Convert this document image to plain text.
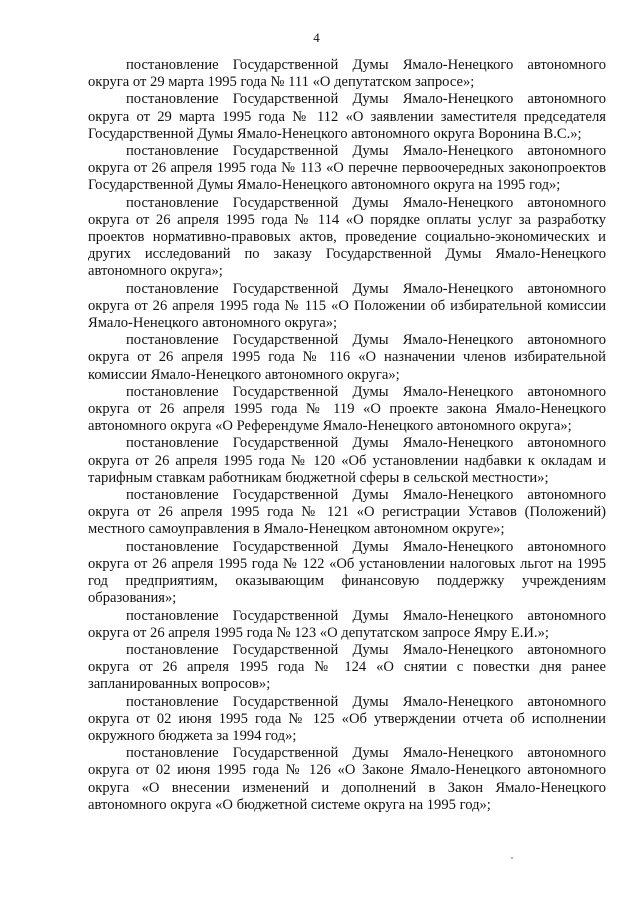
4

постановление Государственной Думы Ямало-Ненецкого автономного округа от 29 марта 1995 года № 111 «О депутатском запросе»;

постановление Государственной Думы Ямало-Ненецкого автономного округа от 29 марта 1995 года № 112 «О заявлении заместителя председателя Государственной Думы Ямало-Ненецкого автономного округа Воронина В.С.»;

постановление Государственной Думы Ямало-Ненецкого автономного округа от 26 апреля 1995 года № 113 «О перечне первоочередных законопроектов Государственной Думы Ямало-Ненецкого автономного округа на 1995 год»;

постановление Государственной Думы Ямало-Ненецкого автономного округа от 26 апреля 1995 года № 114 «О порядке оплаты услуг за разработку проектов нормативно-правовых актов, проведение социально-экономических и других исследований по заказу Государственной Думы Ямало-Ненецкого автономного округа»;

постановление Государственной Думы Ямало-Ненецкого автономного округа от 26 апреля 1995 года № 115 «О Положении об избирательной комиссии Ямало-Ненецкого автономного округа»;

постановление Государственной Думы Ямало-Ненецкого автономного округа от 26 апреля 1995 года № 116 «О назначении членов избирательной комиссии Ямало-Ненецкого автономного округа»;

постановление Государственной Думы Ямало-Ненецкого автономного округа от 26 апреля 1995 года № 119 «О проекте закона Ямало-Ненецкого автономного округа «О Референдуме Ямало-Ненецкого автономного округа»;

постановление Государственной Думы Ямало-Ненецкого автономного округа от 26 апреля 1995 года № 120 «Об установлении надбавки к окладам и тарифным ставкам работникам бюджетной сферы в сельской местности»;

постановление Государственной Думы Ямало-Ненецкого автономного округа от 26 апреля 1995 года № 121 «О регистрации Уставов (Положений) местного самоуправления в Ямало-Ненецком автономном округе»;

постановление Государственной Думы Ямало-Ненецкого автономного округа от 26 апреля 1995 года № 122 «Об установлении налоговых льгот на 1995 год предприятиям, оказывающим финансовую поддержку учреждениям образования»;

постановление Государственной Думы Ямало-Ненецкого автономного округа от 26 апреля 1995 года № 123 «О депутатском запросе Ямру Е.И.»;

постановление Государственной Думы Ямало-Ненецкого автономного округа от 26 апреля 1995 года № 124 «О снятии с повестки дня ранее запланированных вопросов»;

постановление Государственной Думы Ямало-Ненецкого автономного округа от 02 июня 1995 года № 125 «Об утверждении отчета об исполнении окружного бюджета за 1994 год»;

постановление Государственной Думы Ямало-Ненецкого автономного округа от 02 июня 1995 года № 126 «О Законе Ямало-Ненецкого автономного округа «О внесении изменений и дополнений в Закон Ямало-Ненецкого автономного округа «О бюджетной системе округа на 1995 год»;
